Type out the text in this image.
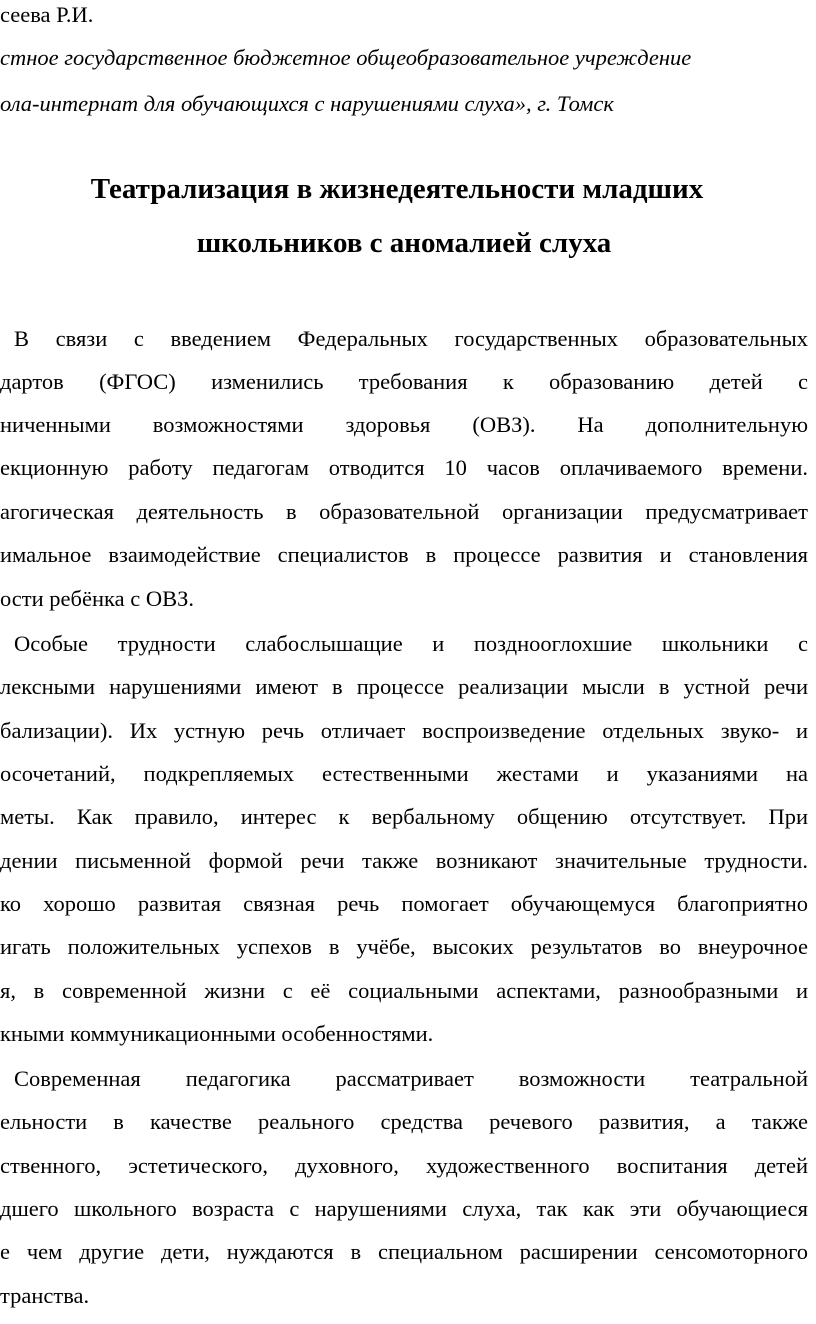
сеева Р.И.
стное государственное бюджетное общеобразовательное учреждение
ола-интернат для обучающихся с нарушениями слуха», г. Томск
Театрализация в жизнедеятельности младших
школьников с аномалией слуха
В связи с введением Федеральных государственных образовательных
дартов (ФГОС) изменились требования к образованию детей с
ниченными возможностями здоровья (ОВЗ). На дополнительную
екционную работу педагогам отводится 10 часов оплачиваемого времени.
агогическая деятельность в образовательной организации предусматривает
имальное взаимодействие специалистов в процессе развития и становления
ости ребёнка с ОВЗ.
Особые трудности слабослышащие и позднооглохшие школьники с
лексными нарушениями имеют в процессе реализации мысли в устной речи
бализации). Их устную речь отличает воспроизведение отдельных звуко- и
осочетаний, подкрепляемых естественными жестами и указаниями на
меты. Как правило, интерес к вербальному общению отсутствует. При
дении письменной формой речи также возникают значительные трудности.
ко хорошо развитая связная речь помогает обучающемуся благоприятно
игать положительных успехов в учёбе, высоких результатов во внеурочное
я, в современной жизни с её социальными аспектами, разнообразными и
кными коммуникационными особенностями.
Современная педагогика рассматривает возможности театральной
ельности в качестве реального средства речевого развития, а также
ственного, эстетического, духовного, художественного воспитания детей
дшего школьного возраста с нарушениями слуха, так как эти обучающиеся
е чем другие дети, нуждаются в специальном расширении сенсомоторного
транства.
